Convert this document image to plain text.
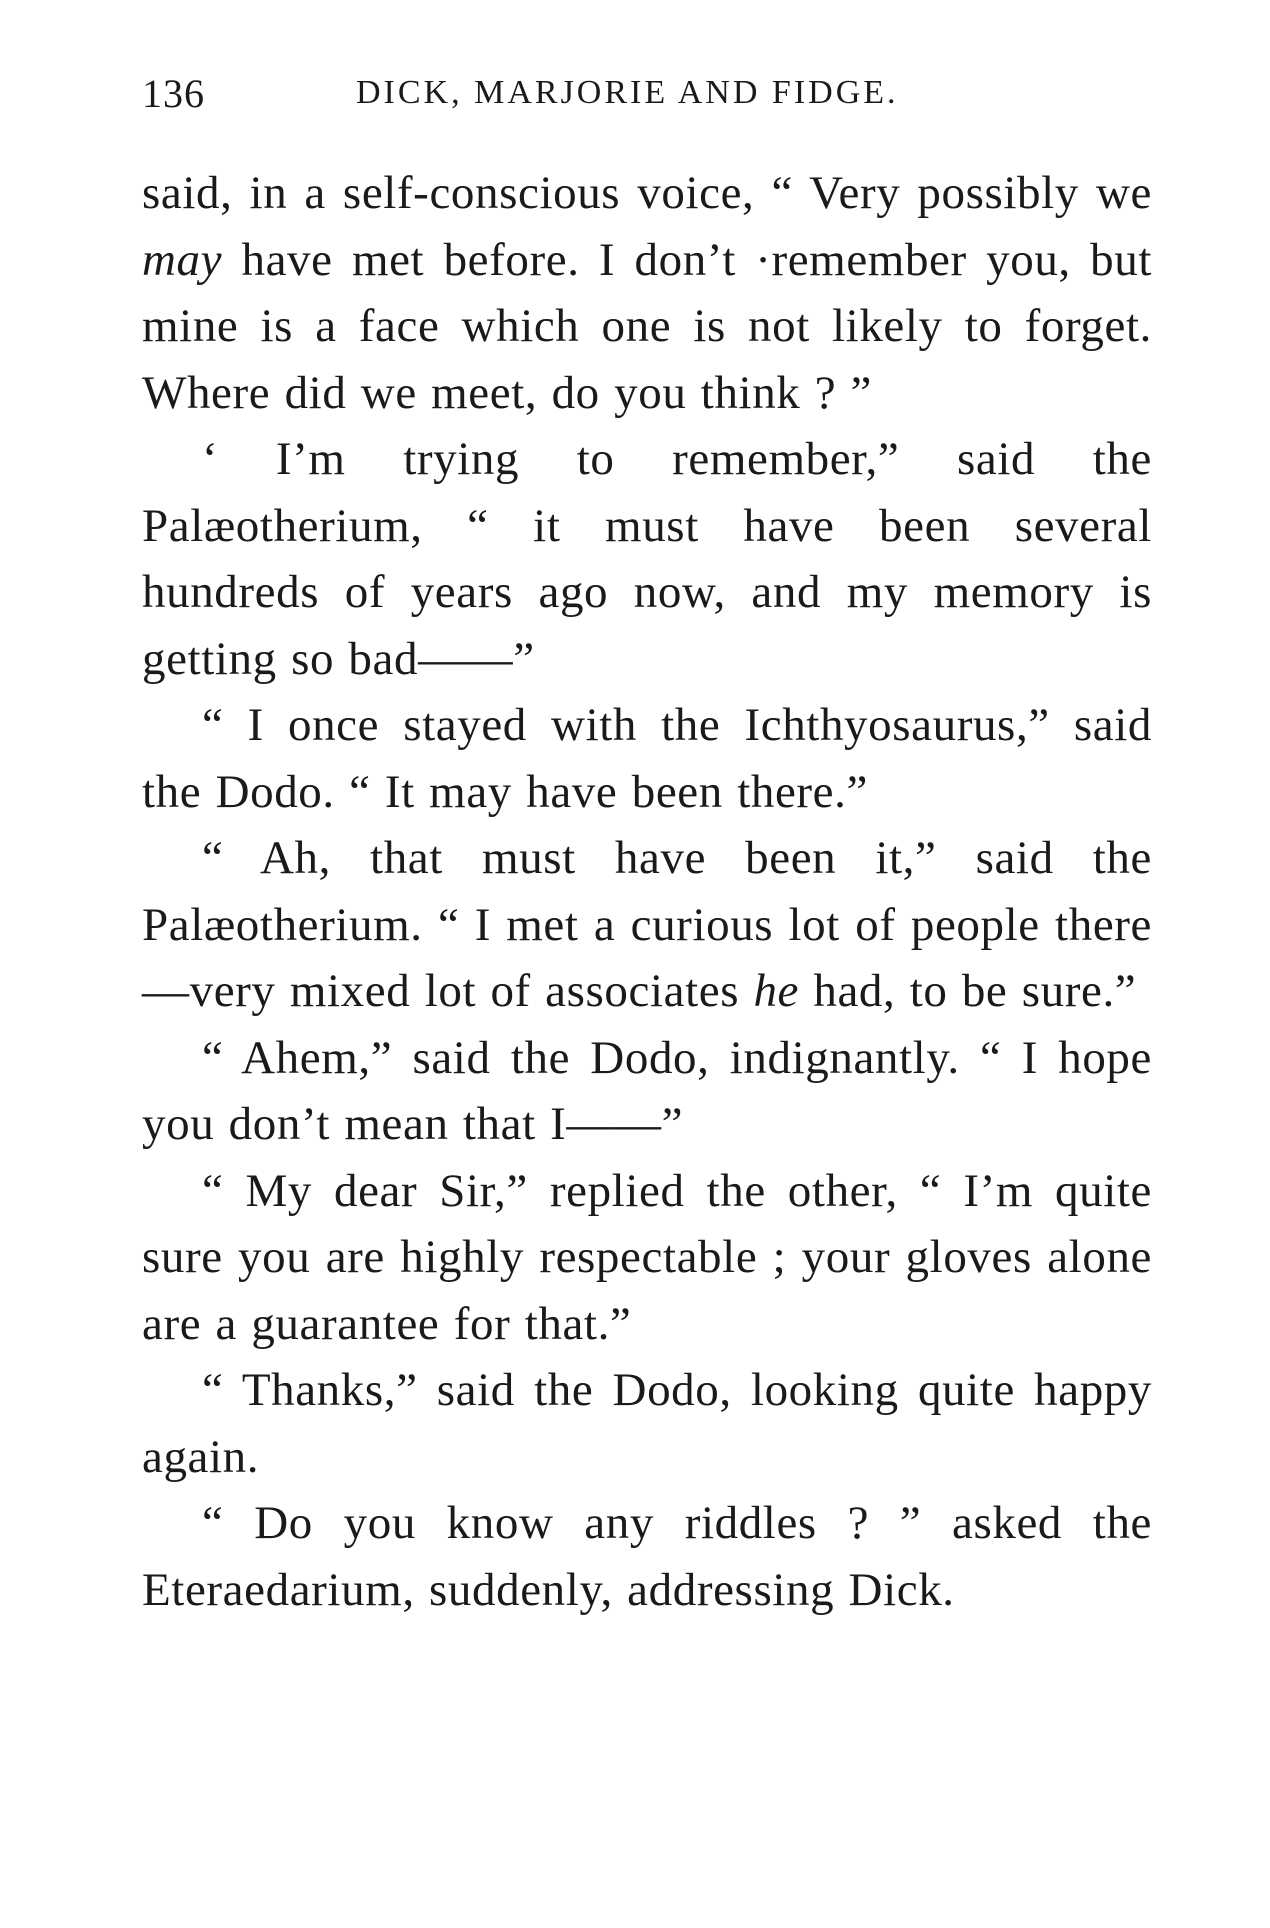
136	DICK, MARJORIE AND FIDGE.

said, in a self-conscious voice, “ Very possibly we may have met before. I don’t ·remember you, but mine is a face which one is not likely to forget. Where did we meet, do you think ? ”

‘ I’m trying to remember,” said the Palæotherium, “ it must have been several hundreds of years ago now, and my memory is getting so bad——”

“ I once stayed with the Ichthyosaurus,” said the Dodo. “ It may have been there.”

“ Ah, that must have been it,” said the Palæotherium. “ I met a curious lot of people there—very mixed lot of associates he had, to be sure.”

“ Ahem,” said the Dodo, indignantly. “ I hope you don’t mean that I——”

“ My dear Sir,” replied the other, “ I’m quite sure you are highly respectable ; your gloves alone are a guarantee for that.”

“ Thanks,” said the Dodo, looking quite happy again.

“ Do you know any riddles ? ” asked the Eteraedarium, suddenly, addressing Dick.
